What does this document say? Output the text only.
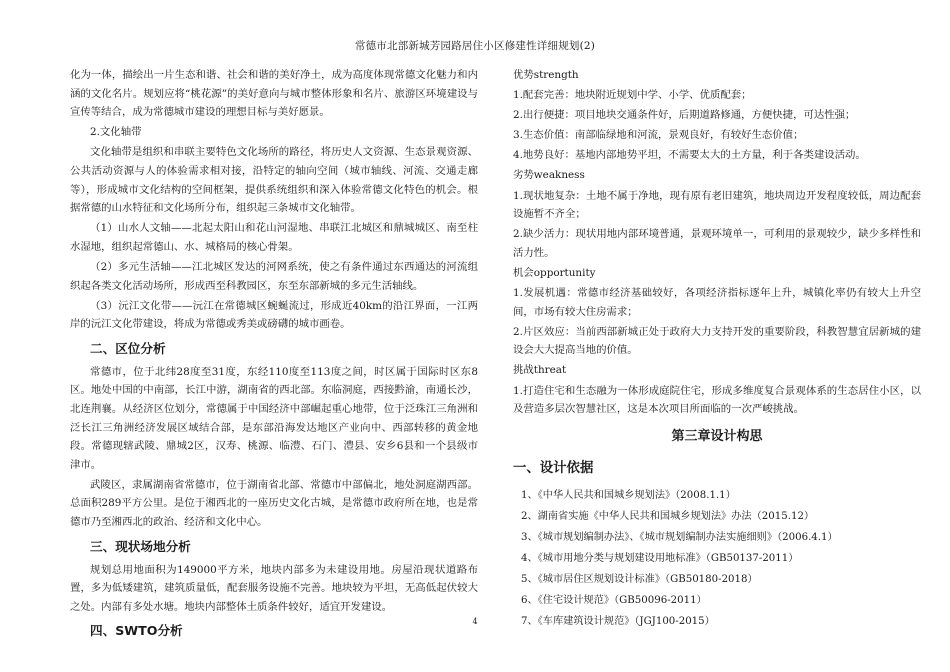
常德市北部新城芳园路居住小区修建性详细规划(2)

化为一体，描绘出一片生态和谐、社会和谐的美好净土，成为高度体现常德文化魅力和内涵的文化名片。规划应将“桃花源”的美好意向与城市整体形象和名片、旅游区环境建设与宣传等结合，成为常德城市建设的理想目标与美好愿景。

2.文化轴带

文化轴带是组织和串联主要特色文化场所的路径，将历史人文资源、生态景观资源、公共活动资源与人的体验需求相对接，沿特定的轴向空间（城市轴线、河流、交通走廊等），形成城市文化结构的空间框架，提供系统组织和深入体验常德文化特色的机会。根据常德的山水特征和文化场所分布，组织起三条城市文化轴带。

（1）山水人文轴——北起太阳山和花山河湿地、串联江北城区和鼎城城区、南至柱水湿地，组织起常德山、水、城格局的核心骨架。

（2）多元生活轴——江北城区发达的河网系统，使之有条件通过东西通达的河流组织起各类文化活动场所，形成西至科教园区，东至东部新城的多元生活轴线。

（3）沅江文化带——沅江在常德城区蜿蜒流过，形成近40km的沿江界面，一江两岸的沅江文化带建设，将成为常德或秀美或磅礴的城市画卷。

二、区位分析

常德市，位于北纬28度至31度，东经110度至113度之间，时区属于国际时区东8区。地处中国的中南部，长江中游，湖南省的西北部。东临洞庭，西接黔渝，南通长沙，北连荆襄。从经济区位划分，常德属于中国经济中部崛起重心地带，位于泛珠江三角洲和泛长江三角洲经济发展区域结合部，是东部沿海发达地区产业向中、西部转移的黄金地段。常德现辖武陵、鼎城2区，汉寿、桃源、临澧、石门、澧县、安乡6县和一个县级市津市。

武陵区，隶属湖南省常德市，位于湖南省北部、常德市中部偏北，地处洞庭湖西部。总面积289平方公里。是位于湘西北的一座历史文化古城，是常德市政府所在地，也是常德市乃至湘西北的政治、经济和文化中心。

三、现状场地分析

规划总用地面积为149000平方米，地块内部多为未建设用地。房屋沿现状道路布置，多为低矮建筑，建筑质量低，配套服务设施不完善。地块较为平坦，无高低起伏较大之处。内部有多处水塘。地块内部整体土质条件较好，适宜开发建设。

四、SWTO分析

优势strength

1.配套完善：地块附近规划中学、小学、优质配套；

2.出行便捷：项目地块交通条件好，后期道路修通，方便快捷，可达性强；

3.生态价值：南部临绿地和河流，景观良好，有较好生态价值；

4.地势良好：基地内部地势平坦，不需要太大的土方量，利于各类建设活动。

劣势weakness

1.现状地复杂：土地不属于净地，现有原有老旧建筑，地块周边开发程度较低，周边配套设施暂不齐全；

2.缺少活力：现状用地内部环境普通，景观环境单一，可利用的景观较少，缺少多样性和活力性。

机会opportunity

1.发展机遇：常德市经济基础较好，各项经济指标逐年上升，城镇化率仍有较大上升空间，市场有较大住房需求；

2.片区效应：当前西部新城正处于政府大力支持开发的重要阶段，科教智慧宜居新城的建设会大大提高当地的价值。

挑战threat

1.打造住宅和生态融为一体形成庭院住宅，形成多维度复合景观体系的生态居住小区，以及营造多层次智慧社区，这是本次项目所面临的一次严峻挑战。

第三章设计构思
一、设计依据

1、《中华人民共和国城乡规划法》（2008.1.1）

2、湖南省实施《中华人民共和国城乡规划法》办法（2015.12）

3、《城市规划编制办法》、《城市规划编制办法实施细则》（2006.4.1）

4、《城市用地分类与规划建设用地标准》（GB50137-2011）

5、《城市居住区规划设计标准》（GB50180-2018）

6、《住宅设计规范》（GB50096-2011）

7、《车库建筑设计规范》（JGJ100-2015）

4
